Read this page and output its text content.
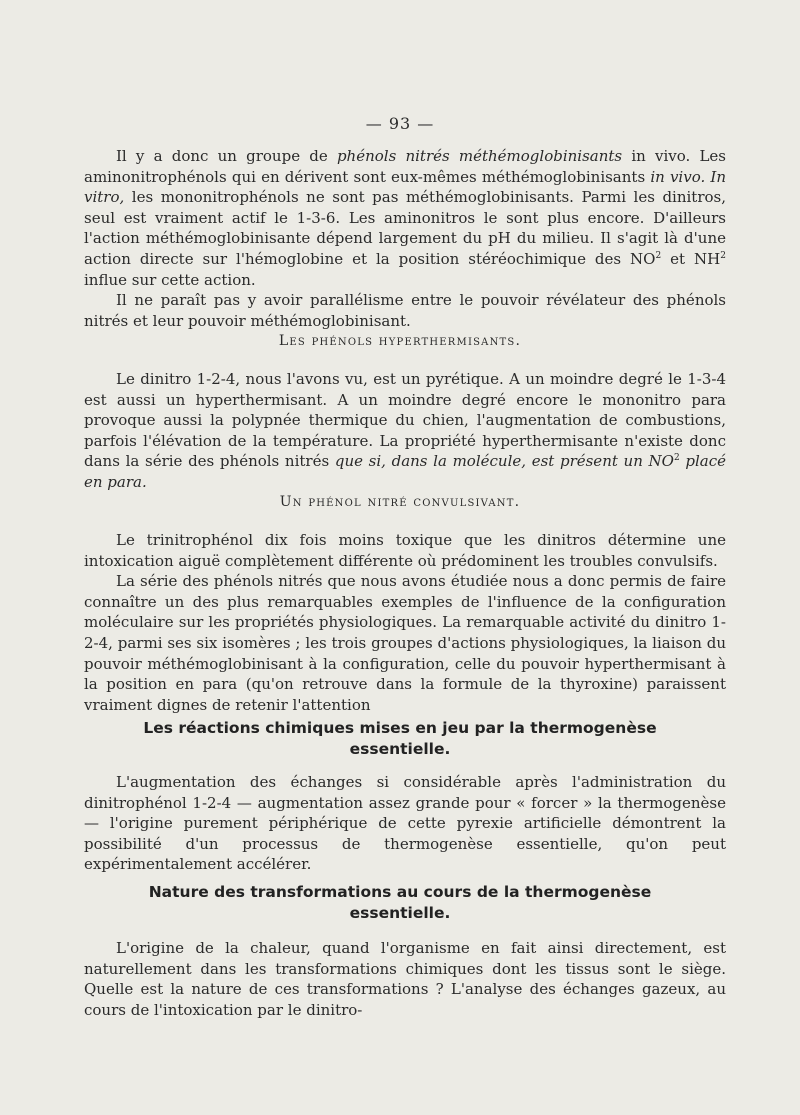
— 93 —

Il y a donc un groupe de phénols nitrés méthémoglobinisants in vivo. Les aminonitrophénols qui en dérivent sont eux-mêmes méthémoglobinisants in vivo. In vitro, les mononitrophénols ne sont pas méthémoglobinisants. Parmi les dinitros, seul est vraiment actif le 1-3-6. Les aminonitros le sont plus encore. D'ailleurs l'action méthémoglobinisante dépend largement du pH du milieu. Il s'agit là d'une action directe sur l'hémoglobine et la position stéréochimique des $NO^2$ et $NH^2$ influe sur cette action.

Il ne paraît pas y avoir parallélisme entre le pouvoir révélateur des phénols nitrés et leur pouvoir méthémoglobinisant.

Les phénols hyperthermisants.

Le dinitro 1-2-4, nous l'avons vu, est un pyrétique. A un moindre degré le 1-3-4 est aussi un hyperthermisant. A un moindre degré encore le mononitro para provoque aussi la polypnée thermique du chien, l'augmentation de combustions, parfois l'élévation de la température. La propriété hyperthermisante n'existe donc dans la série des phénols nitrés que si, dans la molécule, est présent un $NO^2$ placé en para.

Un phénol nitré convulsivant.

Le trinitrophénol dix fois moins toxique que les dinitros détermine une intoxication aiguë complètement différente où prédominent les troubles convulsifs.

La série des phénols nitrés que nous avons étudiée nous a donc permis de faire connaître un des plus remarquables exemples de l'influence de la configuration moléculaire sur les propriétés physiologiques. La remarquable activité du dinitro 1-2-4, parmi ses six isomères ; les trois groupes d'actions physiologiques, la liaison du pouvoir méthémoglobinisant à la configuration, celle du pouvoir hyperthermisant à la position en para (qu'on retrouve dans la formule de la thyroxine) paraissent vraiment dignes de retenir l'attention

Les réactions chimiques mises en jeu par la thermogenèse
essentielle.

L'augmentation des échanges si considérable après l'administration du dinitrophénol 1-2-4 — augmentation assez grande pour « forcer » la thermogenèse — l'origine purement périphérique de cette pyrexie artificielle démontrent la possibilité d'un processus de thermogenèse essentielle, qu'on peut expérimentalement accélérer.

Nature des transformations au cours de la thermogenèse
essentielle.

L'origine de la chaleur, quand l'organisme en fait ainsi directement, est naturellement dans les transformations chimiques dont les tissus sont le siège. Quelle est la nature de ces transformations ? L'analyse des échanges gazeux, au cours de l'intoxication par le dinitro-
